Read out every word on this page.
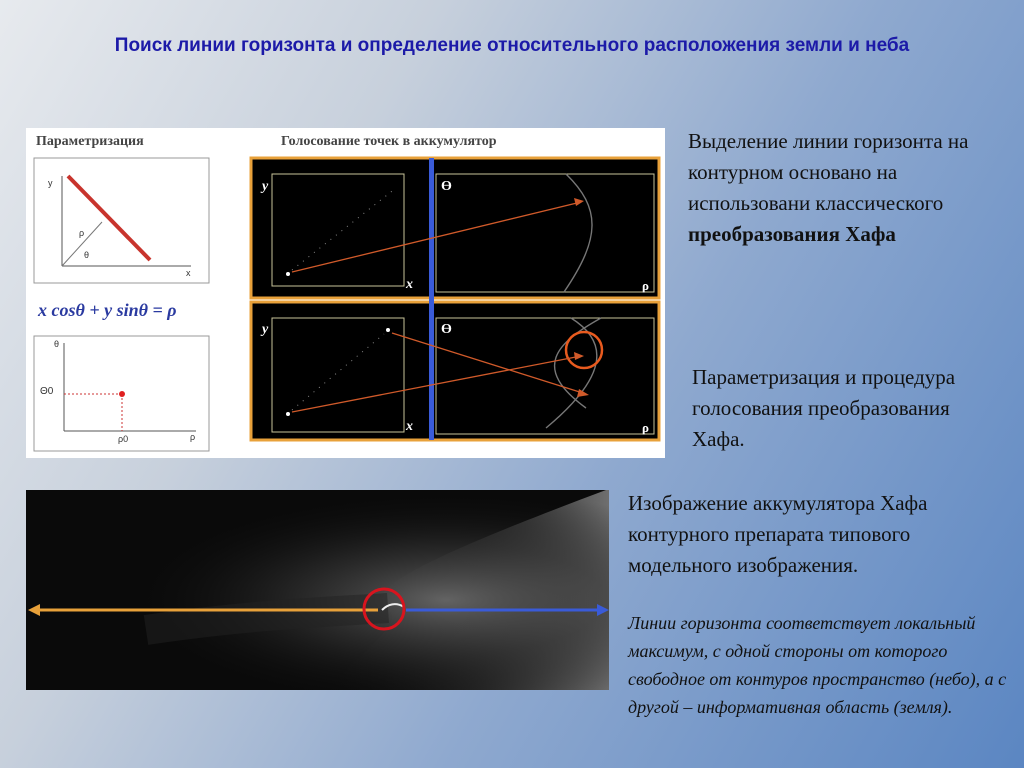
Поиск линии горизонта и определение относительного расположения земли и неба
x
y
ρ
θ
Θ0
ρ0	ρ
θ
y
x
ϴ
ρ
y
x
ϴ
ρ
Параметризация	Голосование точек в аккумулятор
x cosθ + y sinθ = ρ
Выделение линии горизонта на контурном основано на использовани классического преобразования Хафа
Параметризация и процедура голосования преобразования Хафа.
Изображение аккумулятора Хафа контурного препарата типового модельного изображения.
Линии горизонта соответствует локальный максимум, с одной стороны от которого свободное от контуров пространство (небо), а с другой – информативная область (земля).
